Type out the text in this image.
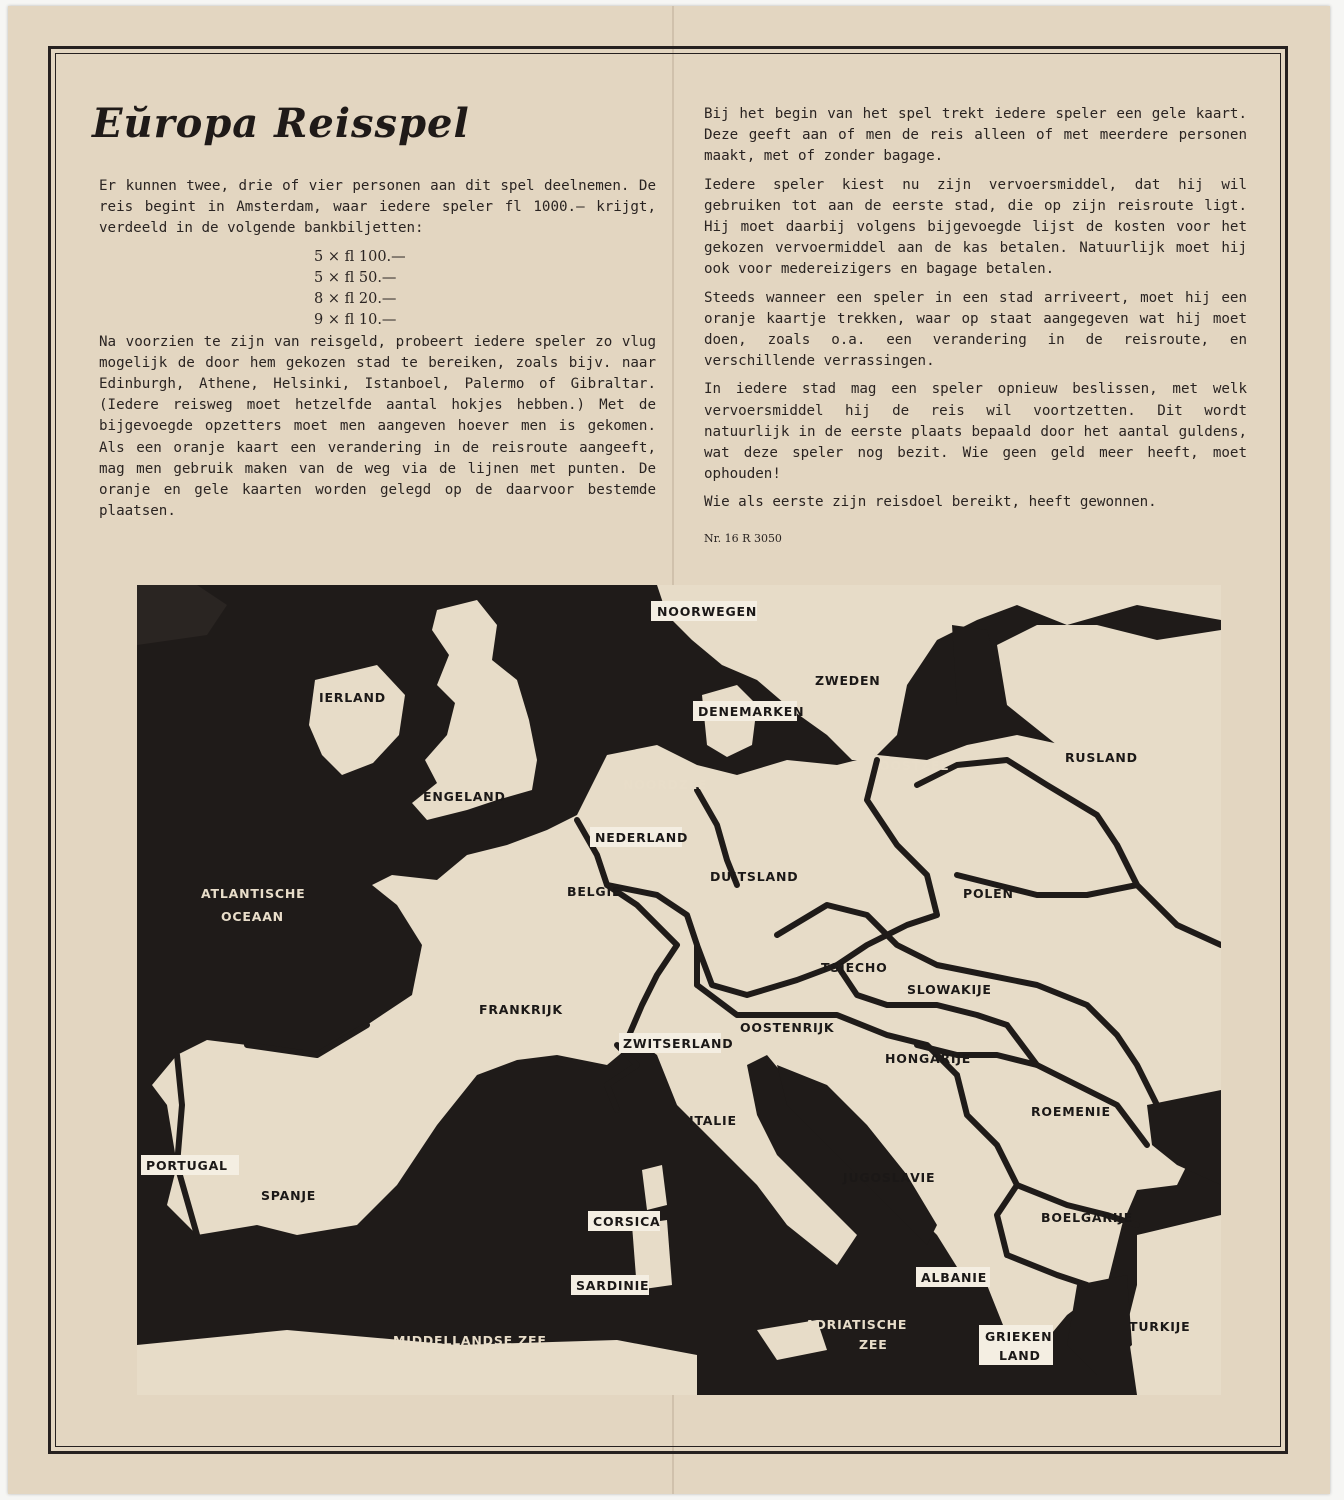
Eŭropa Reisspel

Er kunnen twee, drie of vier personen aan dit spel deelnemen. De reis begint in Amsterdam, waar iedere speler fl 1000.— krijgt, verdeeld in de volgende bankbiljetten:

5 × fl 100.—
5 × fl 50.—
8 × fl 20.—
9 × fl 10.—

Na voorzien te zijn van reisgeld, probeert iedere speler zo vlug mogelijk de door hem gekozen stad te bereiken, zoals bijv. naar Edinburgh, Athene, Helsinki, Istanboel, Palermo of Gibraltar. (Iedere reisweg moet hetzelfde aantal hokjes hebben.) Met de bijgevoegde opzetters moet men aangeven hoever men is gekomen. Als een oranje kaart een verandering in de reisroute aangeeft, mag men gebruik maken van de weg via de lijnen met punten. De oranje en gele kaarten worden gelegd op de daarvoor bestemde plaatsen.

Bij het begin van het spel trekt iedere speler een gele kaart. Deze geeft aan of men de reis alleen of met meerdere personen maakt, met of zonder bagage.

Iedere speler kiest nu zijn vervoersmiddel, dat hij wil gebruiken tot aan de eerste stad, die op zijn reisroute ligt. Hij moet daarbij volgens bijgevoegde lijst de kosten voor het gekozen vervoermiddel aan de kas betalen. Natuurlijk moet hij ook voor medereizigers en bagage betalen.

Steeds wanneer een speler in een stad arriveert, moet hij een oranje kaartje trekken, waar op staat aangegeven wat hij moet doen, zoals o.a. een verandering in de reisroute, en verschillende verrassingen.

In iedere stad mag een speler opnieuw beslissen, met welk vervoersmiddel hij de reis wil voortzetten. Dit wordt natuurlijk in de eerste plaats bepaald door het aantal guldens, wat deze speler nog bezit. Wie geen geld meer heeft, moet ophouden!

Wie als eerste zijn reisdoel bereikt, heeft gewonnen.

Nr. 16 R 3050
NOORDZEE
OOSTZEE
ATLANTISCHE
OCEAAN
ADRIATISCHE
ZEE
MIDDELLANDSE ZEE
ZWEDEN
IERLAND
RUSLAND
ENGELAND
BELGIE
DUITSLAND
POLEN
TSJECHO
SLOWAKIJE
FRANKRIJK
OOSTENRIJK
HONGARIJE
ROEMENIE
ITALIE
SPANJE
JUGOSLAVIE
BOELGARIJE
TURKIJE
NOORWEGEN
DENEMARKEN
NEDERLAND
ZWITSERLAND
PORTUGAL
CORSICA
ALBANIE
SARDINIE
GRIEKEN
LAND
